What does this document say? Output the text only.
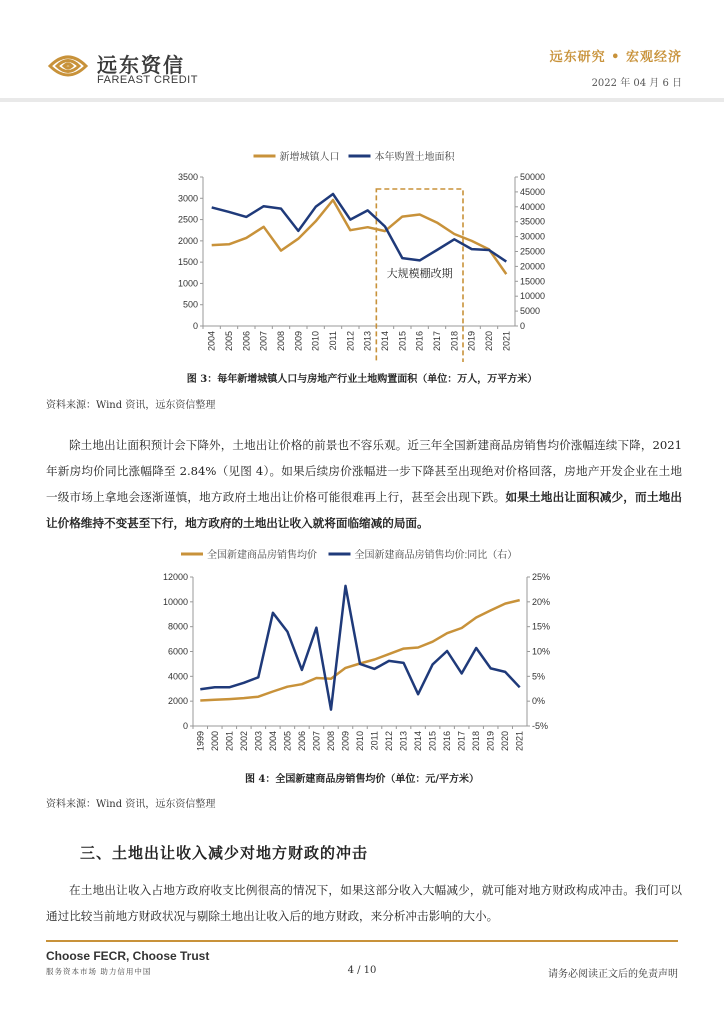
远东资信
FAREAST CREDIT
远东研究 • 宏观经济
2022 年 04 月 6 日
0
500
1000
1500
2000
2500
3000
3500
0
5000
10000
15000
20000
25000
30000
35000
40000
45000
50000
2004 2005 2006 2007 2008 2009 2010 2011 2012 2013 2014 2015 2016 2017 2018 2019 2020 2021
大规模棚改期
新增城镇人口	本年购置土地面积
图 3：每年新增城镇人口与房地产行业土地购置面积（单位：万人，万平方米）
资料来源：Wind 资讯，远东资信整理
除土地出让面积预计会下降外，土地出让价格的前景也不容乐观。近三年全国新建商品房销售均价涨幅连续下降，2021 年新房均价同比涨幅降至 2.84%（见图 4）。如果后续房价涨幅进一步下降甚至出现绝对价格回落，房地产开发企业在土地一级市场上拿地会逐渐谨慎，地方政府土地出让价格可能很难再上行，甚至会出现下跌。如果土地出让面积减少，而土地出让价格维持不变甚至下行，地方政府的土地出让收入就将面临缩减的局面。
0
2000
4000
6000
8000
10000
12000
-5%
0%
5%
10%
15%
20%
25%
1999 2000 2001 2002 2003 2004 2005 2006 2007 2008 2009 2010 2011 2012 2013 2014 2015 2016 2017 2018 2019 2020 2021
全国新建商品房销售均价	全国新建商品房销售均价:同比（右）
图 4：全国新建商品房销售均价（单位：元/平方米）
资料来源：Wind 资讯，远东资信整理
三、土地出让收入减少对地方财政的冲击
在土地出让收入占地方政府收支比例很高的情况下，如果这部分收入大幅减少，就可能对地方财政构成冲击。我们可以通过比较当前地方财政状况与剔除土地出让收入后的地方财政，来分析冲击影响的大小。
Choose FECR, Choose Trust
服务资本市场 助力信用中国	4 / 10	请务必阅读正文后的免责声明
